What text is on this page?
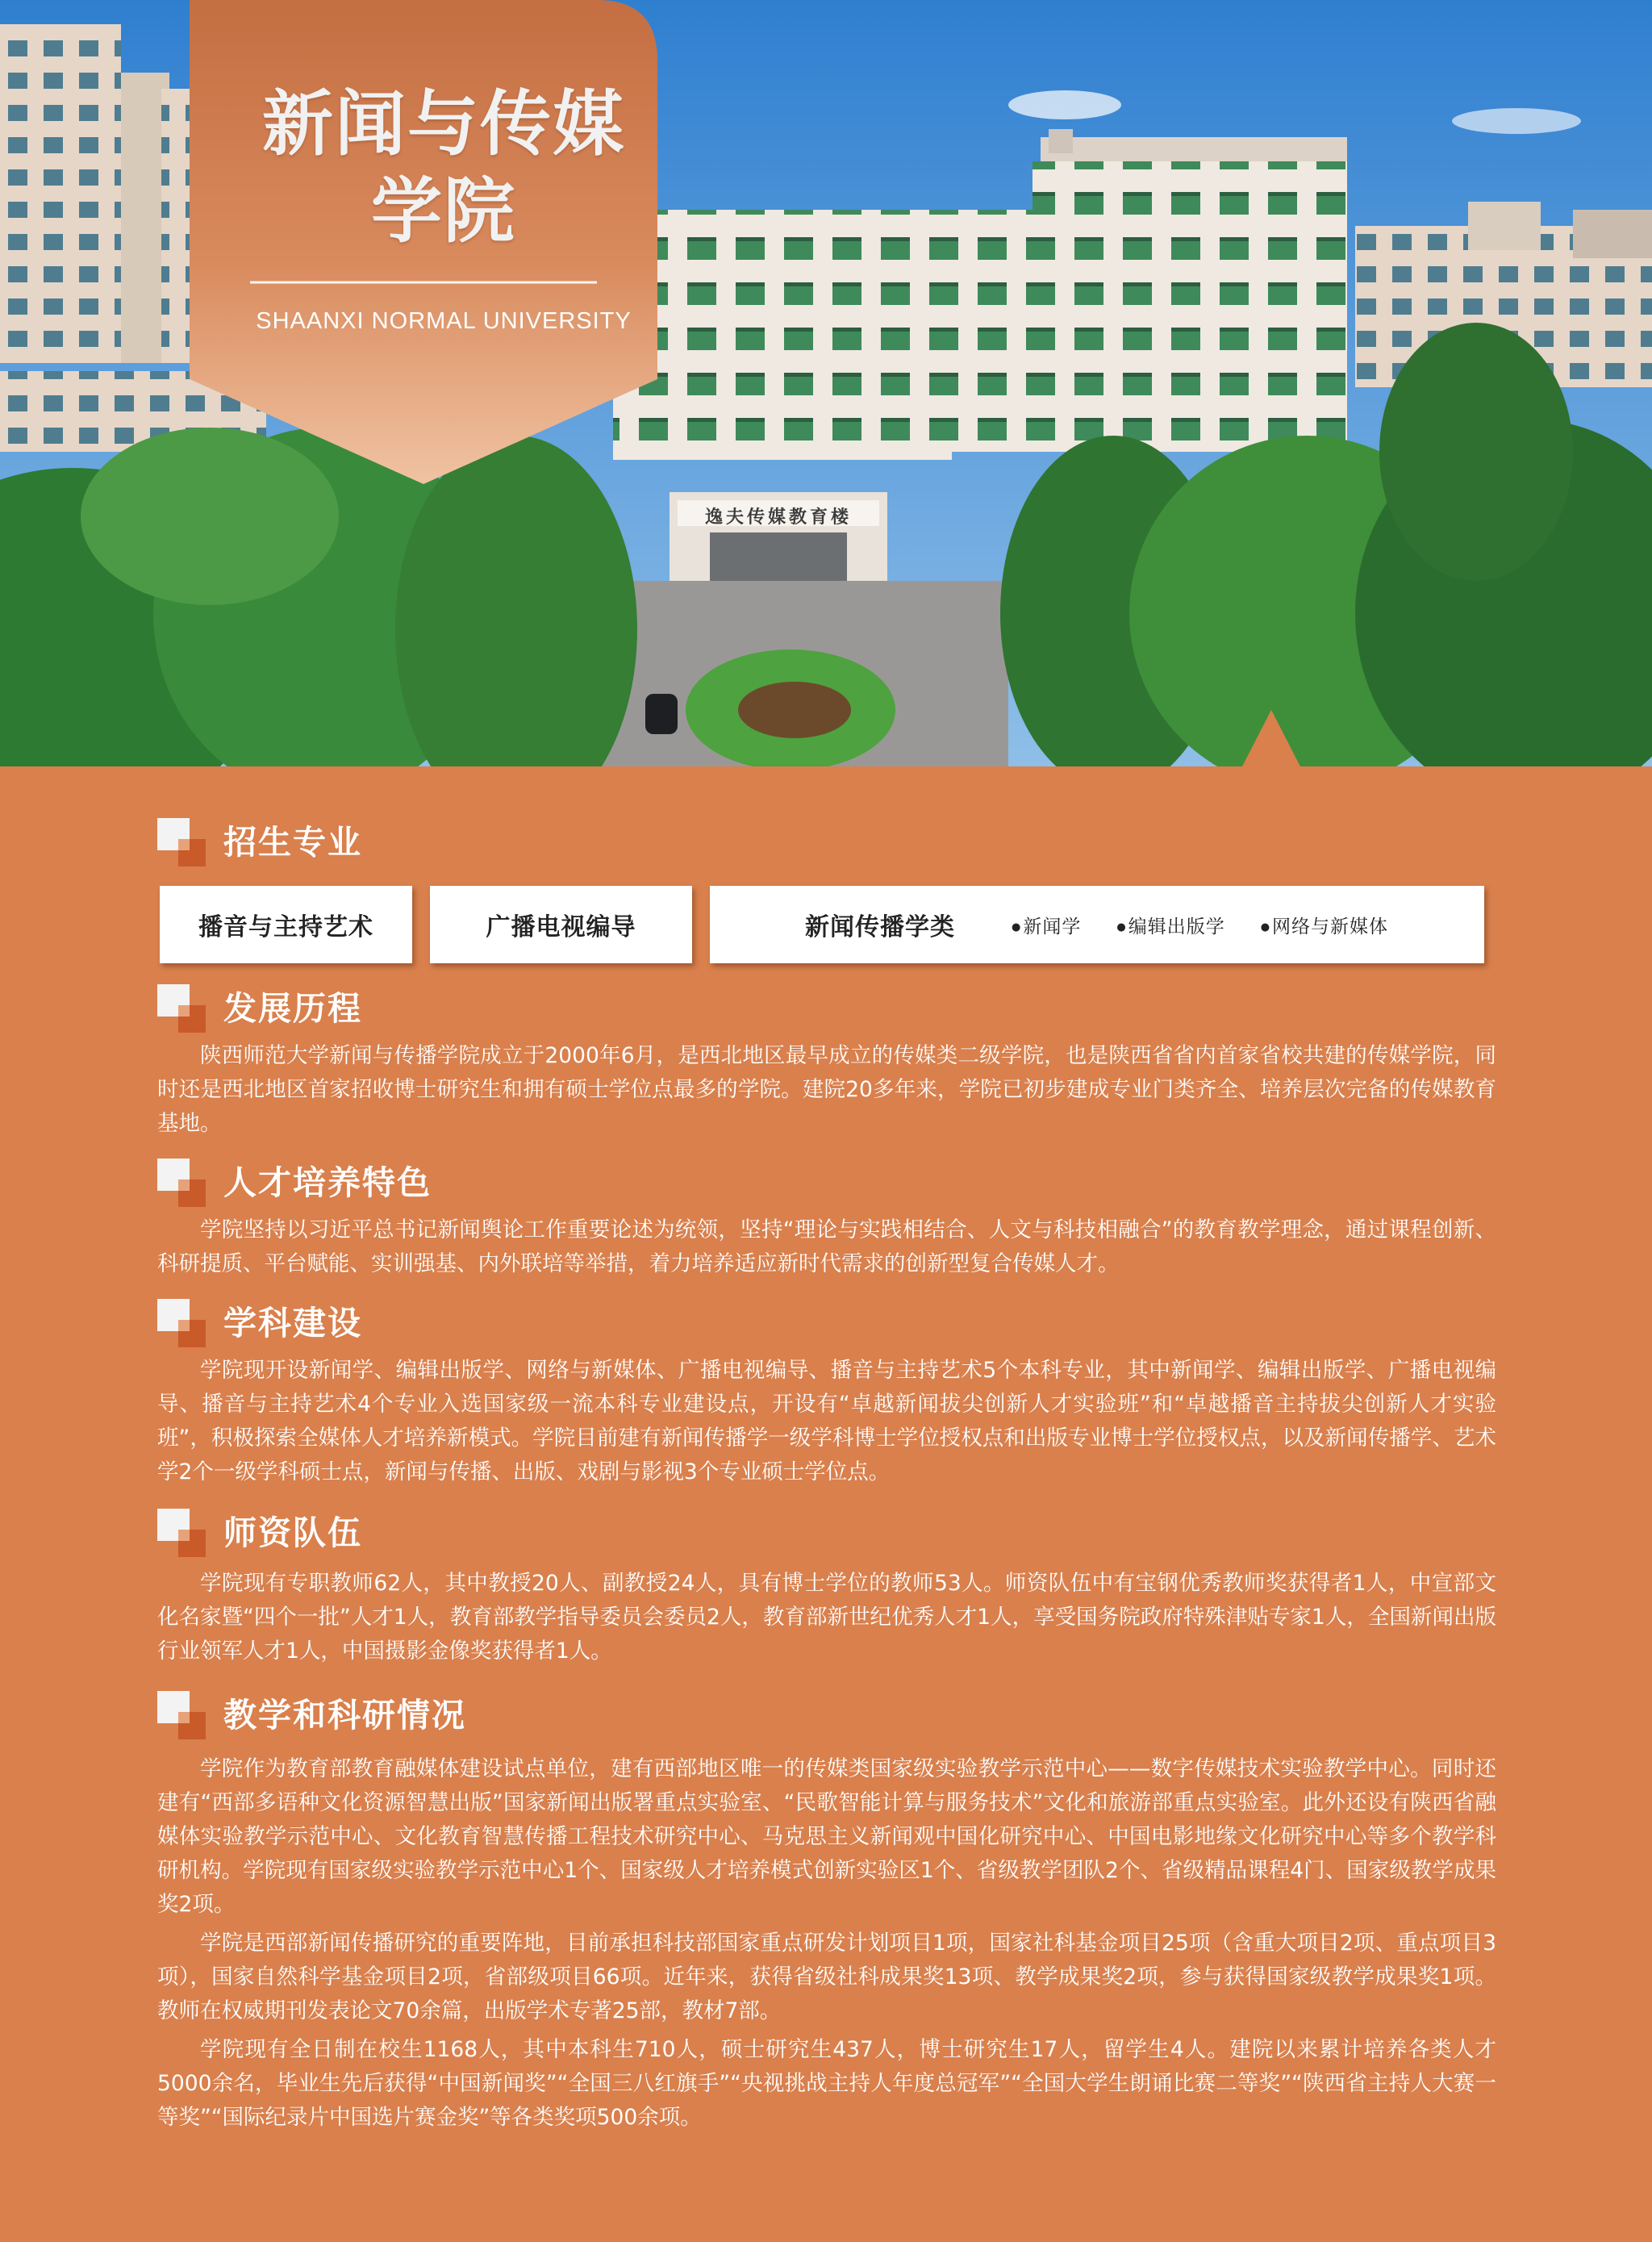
新闻与传媒
学院
SHAANXI NORMAL UNIVERSITY
逸夫传媒教育楼
招生专业
播音与主持艺术	广播电视编导	新闻传播学类	● 新闻学	● 编辑出版学	● 网络与新媒体
发展历程

陕西师范大学新闻与传播学院成立于2000年6月，是西北地区最早成立的传媒类二级学院，也是陕西省省内首家省校共建的传媒学院，同时还是西北地区首家招收博士研究生和拥有硕士学位点最多的学院。建院20多年来，学院已初步建成专业门类齐全、培养层次完备的传媒教育基地。

人才培养特色

学院坚持以习近平总书记新闻舆论工作重要论述为统领，坚持“理论与实践相结合、人文与科技相融合”的教育教学理念，通过课程创新、科研提质、平台赋能、实训强基、内外联培等举措，着力培养适应新时代需求的创新型复合传媒人才。

学科建设

学院现开设新闻学、编辑出版学、网络与新媒体、广播电视编导、播音与主持艺术5个本科专业，其中新闻学、编辑出版学、广播电视编导、播音与主持艺术4个专业入选国家级一流本科专业建设点，开设有“卓越新闻拔尖创新人才实验班”和“卓越播音主持拔尖创新人才实验班”，积极探索全媒体人才培养新模式。学院目前建有新闻传播学一级学科博士学位授权点和出版专业博士学位授权点，以及新闻传播学、艺术学2个一级学科硕士点，新闻与传播、出版、戏剧与影视3个专业硕士学位点。

师资队伍

学院现有专职教师62人，其中教授20人、副教授24人，具有博士学位的教师53人。师资队伍中有宝钢优秀教师奖获得者1人，中宣部文化名家暨“四个一批”人才1人，教育部教学指导委员会委员2人，教育部新世纪优秀人才1人，享受国务院政府特殊津贴专家1人，全国新闻出版行业领军人才1人，中国摄影金像奖获得者1人。

教学和科研情况

学院作为教育部教育融媒体建设试点单位，建有西部地区唯一的传媒类国家级实验教学示范中心——数字传媒技术实验教学中心。同时还建有“西部多语种文化资源智慧出版”国家新闻出版署重点实验室、“民歌智能计算与服务技术”文化和旅游部重点实验室。此外还设有陕西省融媒体实验教学示范中心、文化教育智慧传播工程技术研究中心、马克思主义新闻观中国化研究中心、中国电影地缘文化研究中心等多个教学科研机构。学院现有国家级实验教学示范中心1个、国家级人才培养模式创新实验区1个、省级教学团队2个、省级精品课程4门、国家级教学成果奖2项。

学院是西部新闻传播研究的重要阵地，目前承担科技部国家重点研发计划项目1项，国家社科基金项目25项（含重大项目2项、重点项目3项），国家自然科学基金项目2项，省部级项目66项。近年来，获得省级社科成果奖13项、教学成果奖2项，参与获得国家级教学成果奖1项。教师在权威期刊发表论文70余篇，出版学术专著25部，教材7部。

学院现有全日制在校生1168人，其中本科生710人，硕士研究生437人，博士研究生17人，留学生4人。建院以来累计培养各类人才5000余名，毕业生先后获得“中国新闻奖”“全国三八红旗手”“央视挑战主持人年度总冠军”“全国大学生朗诵比赛二等奖”“陕西省主持人大赛一等奖”“国际纪录片中国选片赛金奖”等各类奖项500余项。
